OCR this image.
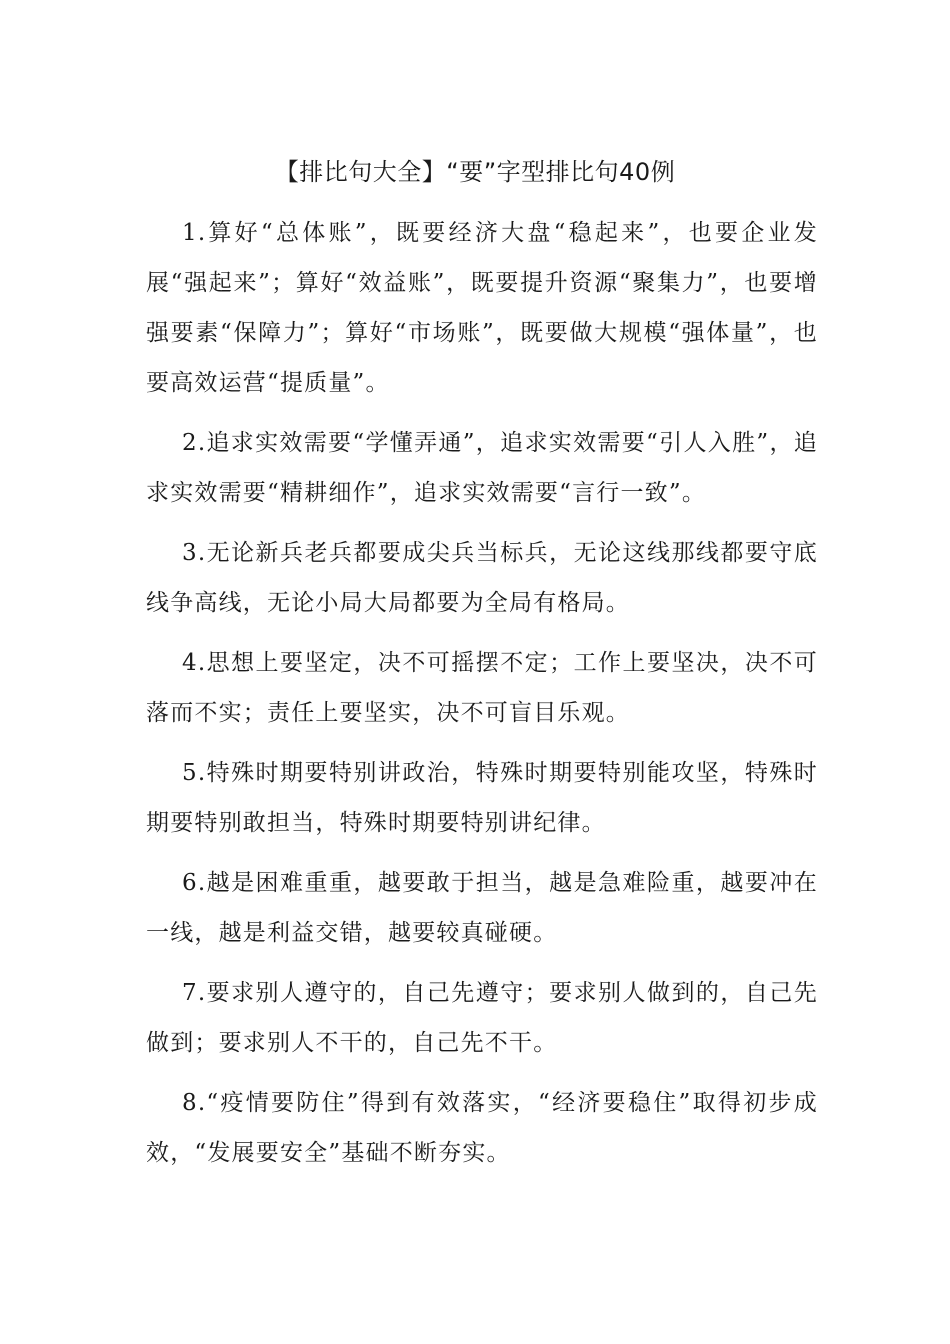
【排比句大全】“要”字型排比句40例

1.算好“总体账”，既要经济大盘“稳起来”，也要企业发展“强起来”；算好“效益账”，既要提升资源“聚集力”，也要增强要素“保障力”；算好“市场账”，既要做大规模“强体量”，也要高效运营“提质量”。

2.追求实效需要“学懂弄通”，追求实效需要“引人入胜”，追求实效需要“精耕细作”，追求实效需要“言行一致”。

3.无论新兵老兵都要成尖兵当标兵，无论这线那线都要守底线争高线，无论小局大局都要为全局有格局。

4.思想上要坚定，决不可摇摆不定；工作上要坚决，决不可落而不实；责任上要坚实，决不可盲目乐观。

5.特殊时期要特别讲政治，特殊时期要特别能攻坚，特殊时期要特别敢担当，特殊时期要特别讲纪律。

6.越是困难重重，越要敢于担当，越是急难险重，越要冲在一线，越是利益交错，越要较真碰硬。

7.要求别人遵守的，自己先遵守；要求别人做到的，自己先做到；要求别人不干的，自己先不干。

8.“疫情要防住”得到有效落实，“经济要稳住”取得初步成效，“发展要安全”基础不断夯实。
